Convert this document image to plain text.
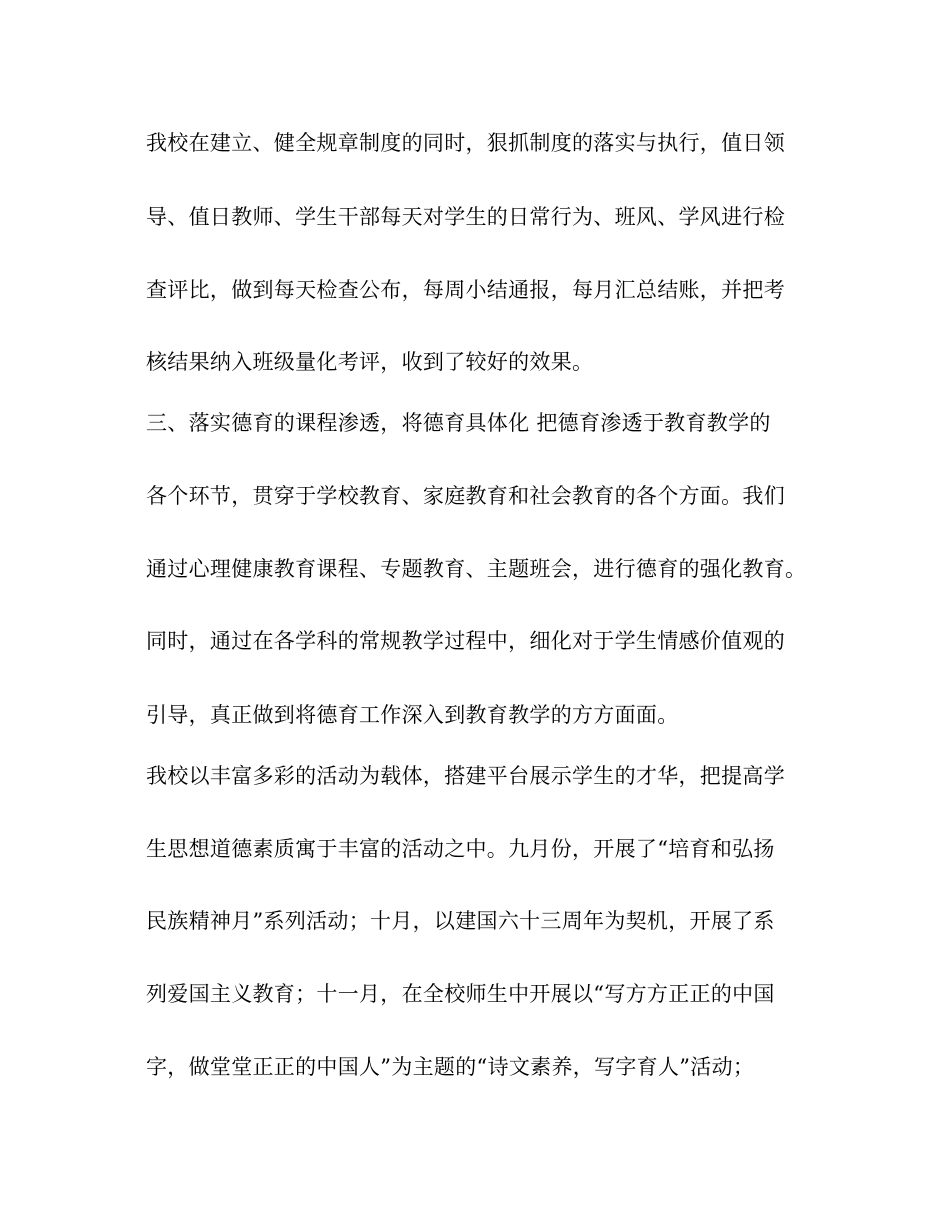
我校在建立、健全规章制度的同时，狠抓制度的落实与执行，值日领
导、值日教师、学生干部每天对学生的日常行为、班风、学风进行检
查评比，做到每天检查公布，每周小结通报，每月汇总结账，并把考
核结果纳入班级量化考评，收到了较好的效果。
三、落实德育的课程渗透，将德育具体化 把德育渗透于教育教学的
各个环节，贯穿于学校教育、家庭教育和社会教育的各个方面。我们
通过心理健康教育课程、专题教育、主题班会，进行德育的强化教育。
同时，通过在各学科的常规教学过程中，细化对于学生情感价值观的
引导，真正做到将德育工作深入到教育教学的方方面面。
我校以丰富多彩的活动为载体，搭建平台展示学生的才华，把提高学
生思想道德素质寓于丰富的活动之中。九月份，开展了“培育和弘扬
民族精神月”系列活动；十月，以建国六十三周年为契机，开展了系
列爱国主义教育；十一月，在全校师生中开展以“写方方正正的中国
字，做堂堂正正的中国人”为主题的“诗文素养，写字育人”活动；
